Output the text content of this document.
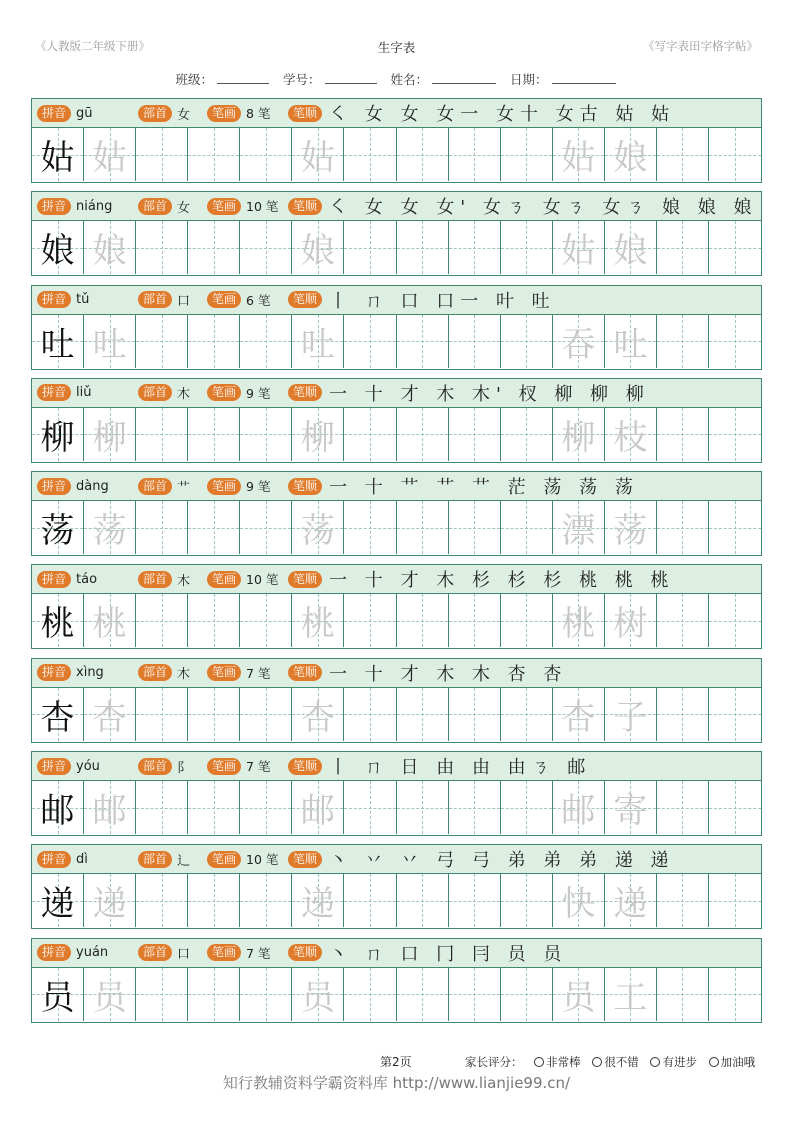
《人教版二年级下册》	生字表	《写字表田字格字帖》
班级：	学号：	姓名：	日期：
拼音 gū	部首 女	笔画 8 笔	笔顺 ㇛ 女 女 女一 女十 女古 姑 姑
姑 姑	姑	姑 娘
拼音 niáng	部首 女	笔画 10 笔	笔顺 ㇛ 女 女 女' 女ㄋ 女ㄋ 女ㄋ 娘 娘 娘
娘 娘	娘	姑 娘
拼音 tǔ	部首 口	笔画 6 笔	笔顺 丨 ㄇ 口 口一 叶 吐
吐 吐	吐	吞 吐
拼音 liǔ	部首 木	笔画 9 笔	笔顺 一 十 才 木 木' 杈 柳 柳 柳
柳 柳	柳	柳 枝
拼音 dàng	部首 艹	笔画 9 笔	笔顺 一 十 艹 艹 艹 茫 荡 荡 荡
荡 荡	荡	漂 荡
拼音 táo	部首 木	笔画 10 笔	笔顺 一 十 才 木 杉 杉 杉 桃 桃 桃
桃 桃	桃	桃 树
拼音 xìng	部首 木	笔画 7 笔	笔顺 一 十 才 木 木 杏 杏
杏 杏	杏	杏 子
拼音 yóu	部首 阝	笔画 7 笔	笔顺 丨 ㄇ 日 由 由 由ㄋ 邮
邮 邮	邮	邮 寄
拼音 dì	部首 辶	笔画 10 笔	笔顺 丶 丷 丷 弓 弓 弟 弟 弟 递 递
递 递	递	快 递
拼音 yuán	部首 口	笔画 7 笔	笔顺 丶 ㄇ 口 冂 冃 员 员
员 员	员	员 工
第2页	家长评分： 非常棒 很不错 有进步 加油哦
知行教辅资料学霸资料库 http://www.lianjie99.cn/
